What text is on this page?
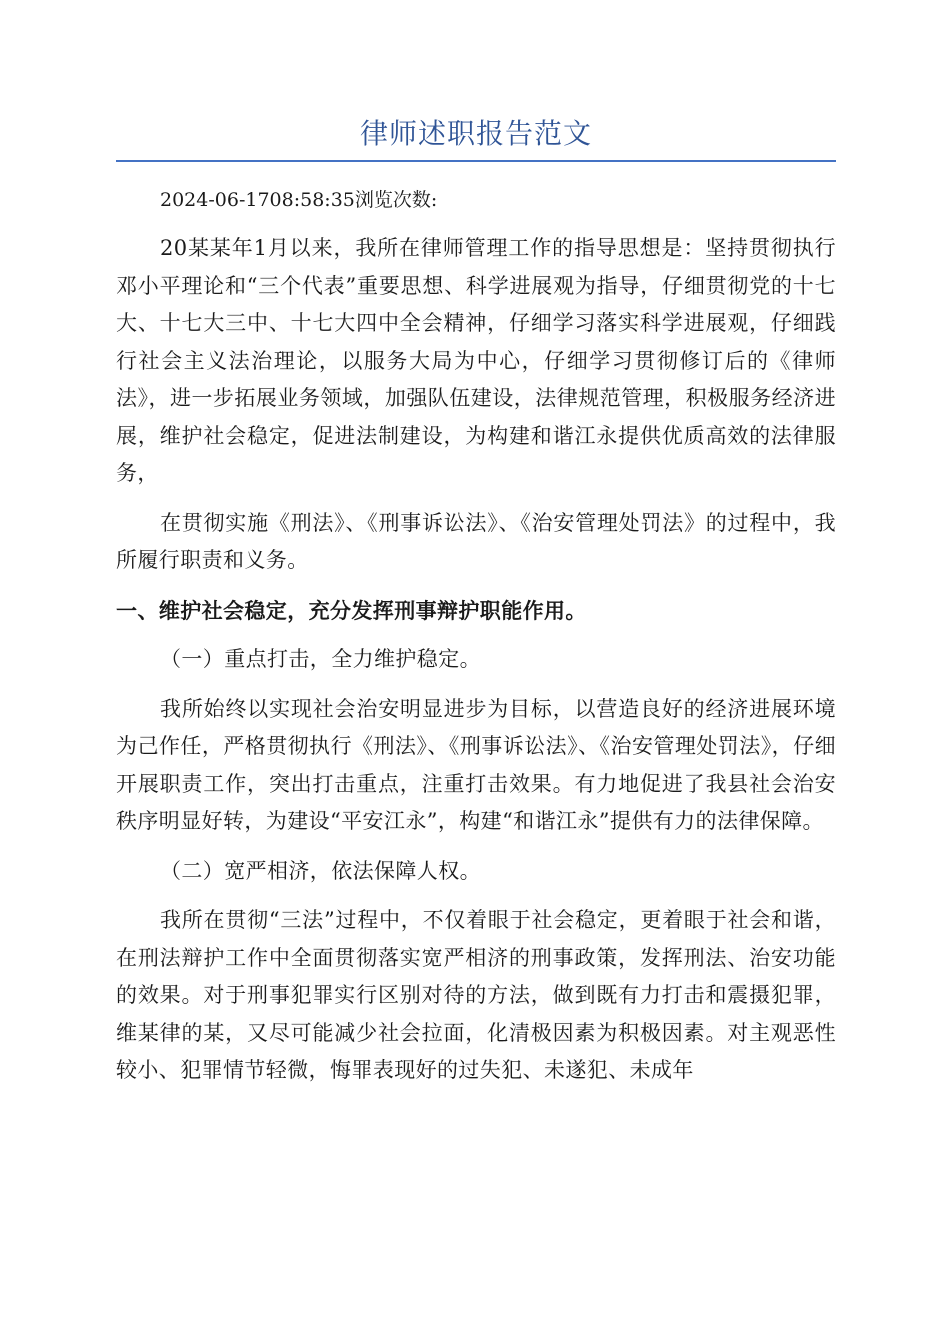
律师述职报告范文

2024-06-1708:58:35浏览次数:

20某某年1月以来，我所在律师管理工作的指导思想是：坚持贯彻执行邓小平理论和“三个代表”重要思想、科学进展观为指导，仔细贯彻党的十七大、十七大三中、十七大四中全会精神，仔细学习落实科学进展观，仔细践行社会主义法治理论，以服务大局为中心，仔细学习贯彻修订后的《律师法》，进一步拓展业务领域，加强队伍建设，法律规范管理，积极服务经济进展，维护社会稳定，促进法制建设，为构建和谐江永提供优质高效的法律服务，

在贯彻实施《刑法》、《刑事诉讼法》、《治安管理处罚法》的过程中，我所履行职责和义务。

一、维护社会稳定，充分发挥刑事辩护职能作用。

（一）重点打击，全力维护稳定。

我所始终以实现社会治安明显进步为目标，以营造良好的经济进展环境为己作任，严格贯彻执行《刑法》、《刑事诉讼法》、《治安管理处罚法》，仔细开展职责工作，突出打击重点，注重打击效果。有力地促进了我县社会治安秩序明显好转，为建设“平安江永”，构建“和谐江永”提供有力的法律保障。

（二）宽严相济，依法保障人权。

我所在贯彻“三法”过程中，不仅着眼于社会稳定，更着眼于社会和谐，在刑法辩护工作中全面贯彻落实宽严相济的刑事政策，发挥刑法、治安功能的效果。对于刑事犯罪实行区别对待的方法，做到既有力打击和震摄犯罪，维某律的某，又尽可能减少社会拉面，化清极因素为积极因素。对主观恶性较小、犯罪情节轻微，悔罪表现好的过失犯、未遂犯、未成年
